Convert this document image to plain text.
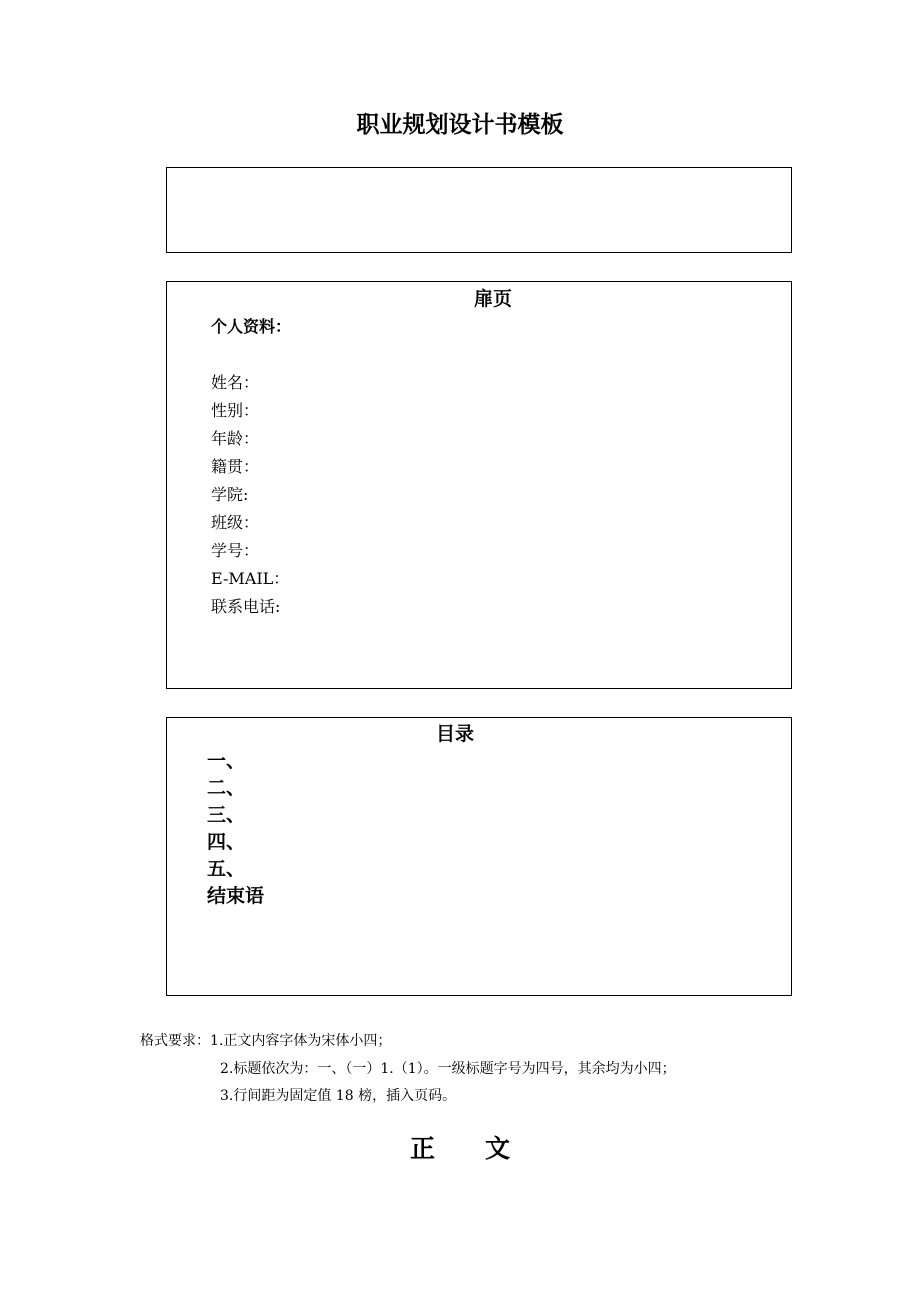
职业规划设计书模板
扉页
个人资料：
姓名：
性别：
年龄：
籍贯：
学院:
班级：
学号：
E-MAIL：
联系电话:
目录
一、
二、
三、
四、
五、
结束语
格式要求：1.正文内容字体为宋体小四；
2.标题依次为：一、（一）1.（1）。一级标题字号为四号，其余均为小四；
3.行间距为固定值 18 榜，插入页码。
正 文
